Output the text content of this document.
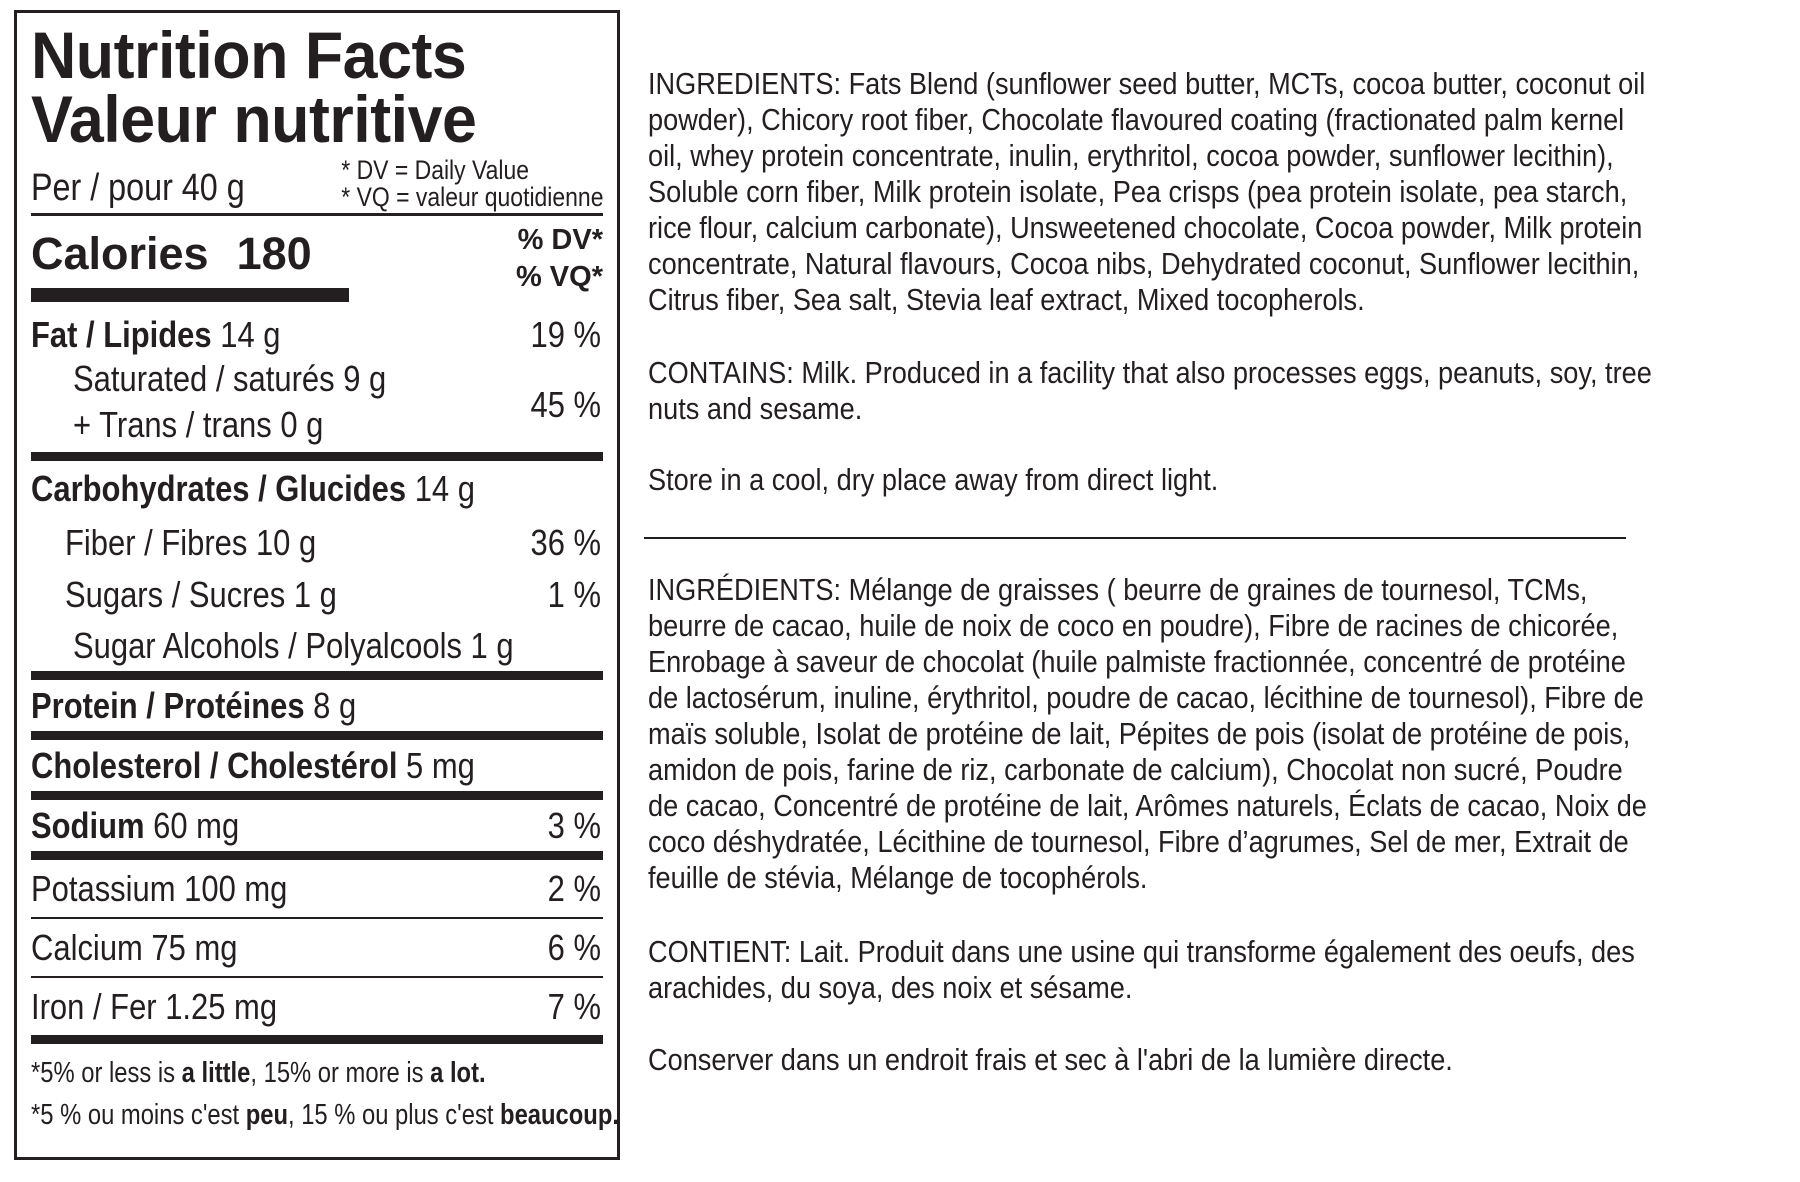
Nutrition Facts
Valeur nutritive
Per / pour 40 g	* DV = Daily Value
* VQ = valeur quotidienne
Calories 180	% DV*
% VQ*
Fat / Lipides 14 g	19 %
Saturated / saturés 9 g
+ Trans / trans 0 g	45 %
Carbohydrates / Glucides 14 g
Fiber / Fibres 10 g	36 %
Sugars / Sucres 1 g	1 %
Sugar Alcohols / Polyalcools 1 g
Protein / Protéines 8 g
Cholesterol / Cholestérol 5 mg
Sodium 60 mg	3 %
Potassium 100 mg	2 %
Calcium 75 mg	6 %
Iron / Fer 1.25 mg	7 %
*5% or less is a little, 15% or more is a lot.
*5 % ou moins c'est peu, 15 % ou plus c'est beaucoup.
INGREDIENTS: Fats Blend (sunflower seed butter, MCTs, cocoa butter, coconut oil powder), Chicory root fiber, Chocolate flavoured coating (fractionated palm kernel oil, whey protein concentrate, inulin, erythritol, cocoa powder, sunflower lecithin), Soluble corn fiber, Milk protein isolate, Pea crisps (pea protein isolate, pea starch, rice flour, calcium carbonate), Unsweetened chocolate, Cocoa powder, Milk protein concentrate, Natural flavours, Cocoa nibs, Dehydrated coconut, Sunflower lecithin, Citrus fiber, Sea salt, Stevia leaf extract, Mixed tocopherols.
CONTAINS: Milk. Produced in a facility that also processes eggs, peanuts, soy, tree nuts and sesame.
Store in a cool, dry place away from direct light.
INGRÉDIENTS: Mélange de graisses ( beurre de graines de tournesol, TCMs, beurre de cacao, huile de noix de coco en poudre), Fibre de racines de chicorée, Enrobage à saveur de chocolat (huile palmiste fractionnée, concentré de protéine de lactosérum, inuline, érythritol, poudre de cacao, lécithine de tournesol), Fibre de maïs soluble, Isolat de protéine de lait, Pépites de pois (isolat de protéine de pois, amidon de pois, farine de riz, carbonate de calcium), Chocolat non sucré, Poudre de cacao, Concentré de protéine de lait, Arômes naturels, Éclats de cacao, Noix de coco déshydratée, Lécithine de tournesol, Fibre d’agrumes, Sel de mer, Extrait de feuille de stévia, Mélange de tocophérols.
CONTIENT: Lait. Produit dans une usine qui transforme également des oeufs, des arachides, du soya, des noix et sésame.
Conserver dans un endroit frais et sec à l'abri de la lumière directe.
